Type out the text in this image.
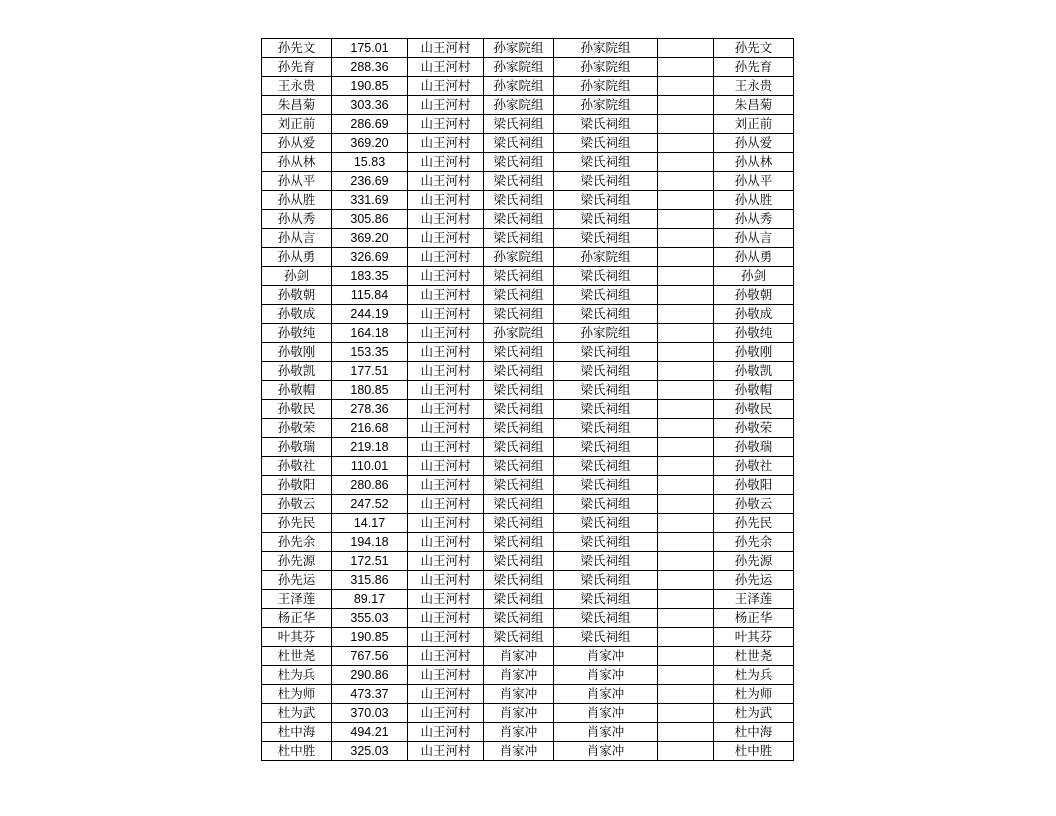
孙先文	175.01	山王河村	孙家院组	孙家院组		孙先文
孙先育	288.36	山王河村	孙家院组	孙家院组		孙先育
王永贵	190.85	山王河村	孙家院组	孙家院组		王永贵
朱昌菊	303.36	山王河村	孙家院组	孙家院组		朱昌菊
刘正前	286.69	山王河村	梁氏祠组	梁氏祠组		刘正前
孙从爱	369.20	山王河村	梁氏祠组	梁氏祠组		孙从爱
孙从林	15.83	山王河村	梁氏祠组	梁氏祠组		孙从林
孙从平	236.69	山王河村	梁氏祠组	梁氏祠组		孙从平
孙从胜	331.69	山王河村	梁氏祠组	梁氏祠组		孙从胜
孙从秀	305.86	山王河村	梁氏祠组	梁氏祠组		孙从秀
孙从言	369.20	山王河村	梁氏祠组	梁氏祠组		孙从言
孙从勇	326.69	山王河村	孙家院组	孙家院组		孙从勇
孙剑	183.35	山王河村	梁氏祠组	梁氏祠组		孙剑
孙敬朝	115.84	山王河村	梁氏祠组	梁氏祠组		孙敬朝
孙敬成	244.19	山王河村	梁氏祠组	梁氏祠组		孙敬成
孙敬纯	164.18	山王河村	孙家院组	孙家院组		孙敬纯
孙敬刚	153.35	山王河村	梁氏祠组	梁氏祠组		孙敬刚
孙敬凯	177.51	山王河村	梁氏祠组	梁氏祠组		孙敬凯
孙敬帽	180.85	山王河村	梁氏祠组	梁氏祠组		孙敬帽
孙敬民	278.36	山王河村	梁氏祠组	梁氏祠组		孙敬民
孙敬荣	216.68	山王河村	梁氏祠组	梁氏祠组		孙敬荣
孙敬瑞	219.18	山王河村	梁氏祠组	梁氏祠组		孙敬瑞
孙敬社	110.01	山王河村	梁氏祠组	梁氏祠组		孙敬社
孙敬阳	280.86	山王河村	梁氏祠组	梁氏祠组		孙敬阳
孙敬云	247.52	山王河村	梁氏祠组	梁氏祠组		孙敬云
孙先民	14.17	山王河村	梁氏祠组	梁氏祠组		孙先民
孙先余	194.18	山王河村	梁氏祠组	梁氏祠组		孙先余
孙先源	172.51	山王河村	梁氏祠组	梁氏祠组		孙先源
孙先运	315.86	山王河村	梁氏祠组	梁氏祠组		孙先运
王泽莲	89.17	山王河村	梁氏祠组	梁氏祠组		王泽莲
杨正华	355.03	山王河村	梁氏祠组	梁氏祠组		杨正华
叶其芬	190.85	山王河村	梁氏祠组	梁氏祠组		叶其芬
杜世尧	767.56	山王河村	肖家冲	肖家冲		杜世尧
杜为兵	290.86	山王河村	肖家冲	肖家冲		杜为兵
杜为师	473.37	山王河村	肖家冲	肖家冲		杜为师
杜为武	370.03	山王河村	肖家冲	肖家冲		杜为武
杜中海	494.21	山王河村	肖家冲	肖家冲		杜中海
杜中胜	325.03	山王河村	肖家冲	肖家冲		杜中胜
